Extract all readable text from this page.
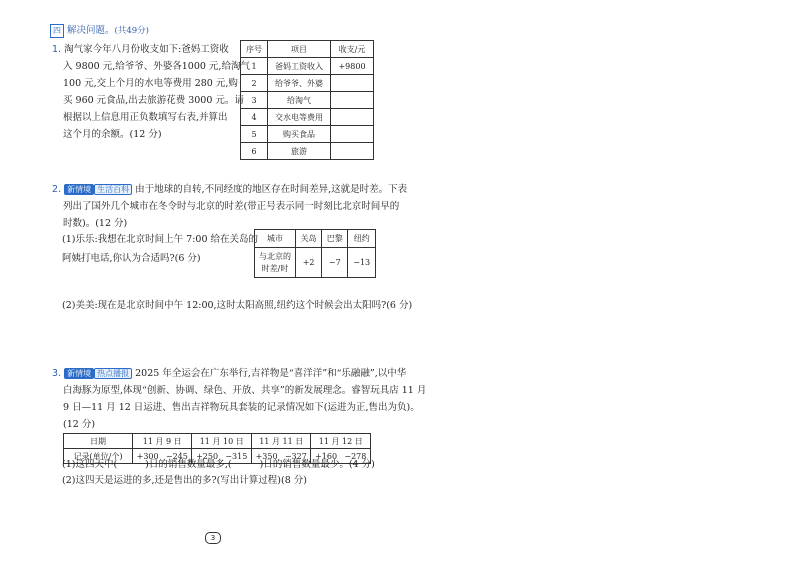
四 解决问题。(共49分)
1. 淘气家今年八月份收支如下:爸妈工资收
入 9800 元,给爷爷、外婆各1000 元,给淘气
100 元,交上个月的水电等费用 280 元,购
买 960 元食品,出去旅游花费 3000 元。请
根据以上信息用正负数填写右表,并算出
这个月的余额。(12 分)
序号	项目	收支/元
1	爸妈工资收入	+9800
2	给爷爷、外婆	
3	给淘气	
4	交水电等费用	
5	购买食品	
6	旅游	
2. 新情境 生活百科 由于地球的自转,不同经度的地区存在时间差异,这就是时差。下表
列出了国外几个城市在冬令时与北京的时差(带正号表示同一时刻比北京时间早的
时数)。(12 分)
(1)乐乐:我想在北京时间上午 7:00 给在关岛的
阿姨打电话,你认为合适吗?(6 分)
城市	关岛	巴黎	纽约

与北京的
时差/时	+2	−7	−13
(2)美美:现在是北京时间中午 12:00,这时太阳高照,纽约这个时候会出太阳吗?(6 分)
3. 新情境 热点播报 2025 年全运会在广东举行,吉祥物是“喜洋洋”和“乐融融”,以中华
白海豚为原型,体现“创新、协调、绿色、开放、共享”的新发展理念。睿智玩具店 11 月
9 日—11 月 12 日运进、售出吉祥物玩具套装的记录情况如下(运进为正,售出为负)。
(12 分)
日期	11 月 9 日		11 月 10 日		11 月 11 日		11 月 12 日	
记录(单位/个)	+300	−245	+250	−315	+350	−327	+160	−278
(1)这四天中(	)日的销售数量最多,(	)日的销售数量最少。(4 分)
(2)这四天是运进的多,还是售出的多?(写出计算过程)(8 分)
3
